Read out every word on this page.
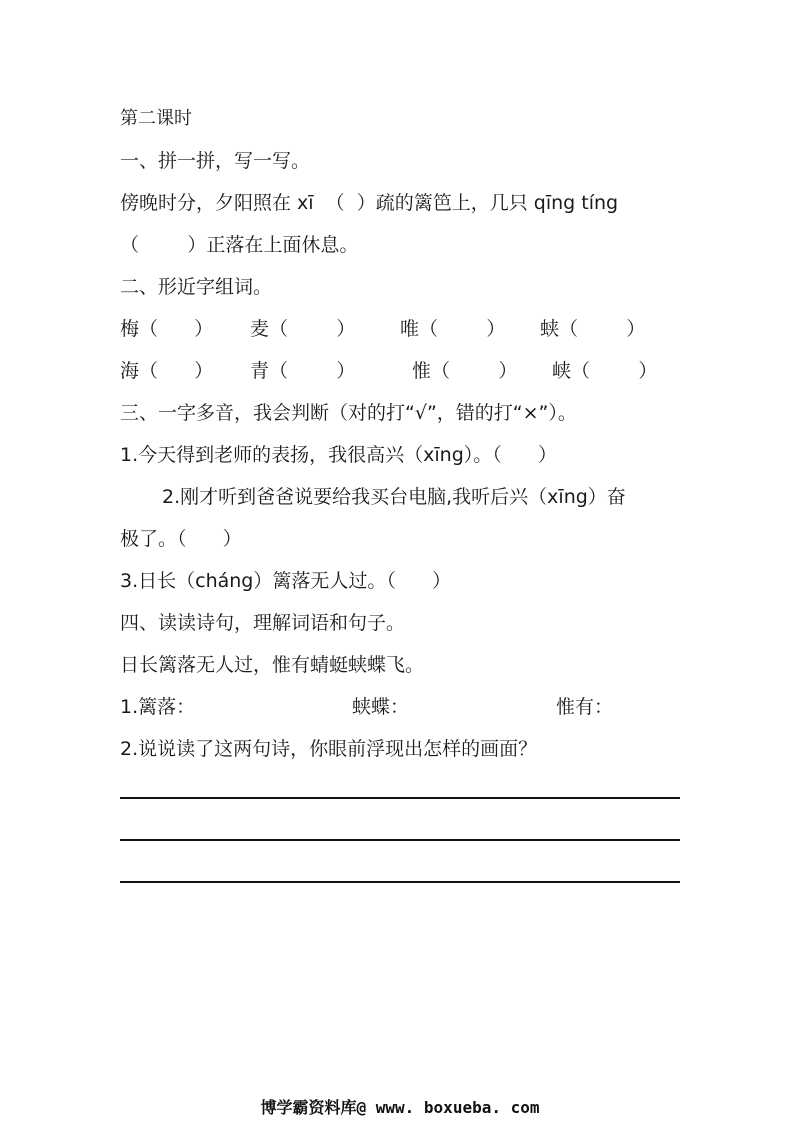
第二课时
一、拼一拼，写一写。
傍晚时分，夕阳照在 xī  （  ）疏的篱笆上，几只 qīng tíng
（        ）正落在上面休息。
二、形近字组词。
梅（      ） 麦（        ） 唯（        ） 蛱（        ）
海（      ） 青（        ）	惟（        ） 峡（        ）
三、一字多音，我会判断（对的打“√”，错的打“×”）。
1.今天得到老师的表扬，我很高兴（xīng）。（      ）
2.刚才听到爸爸说要给我买台电脑,我听后兴（xīng）奋
极了。（      ）
3.日长（cháng）篱落无人过。（      ）
四、读读诗句，理解词语和句子。
日长篱落无人过，惟有蜻蜓蛱蝶飞。
1.篱落：	蛱蝶：	惟有：
2.说说读了这两句诗，你眼前浮现出怎样的画面？
博学霸资料库@ www. boxueba. com
